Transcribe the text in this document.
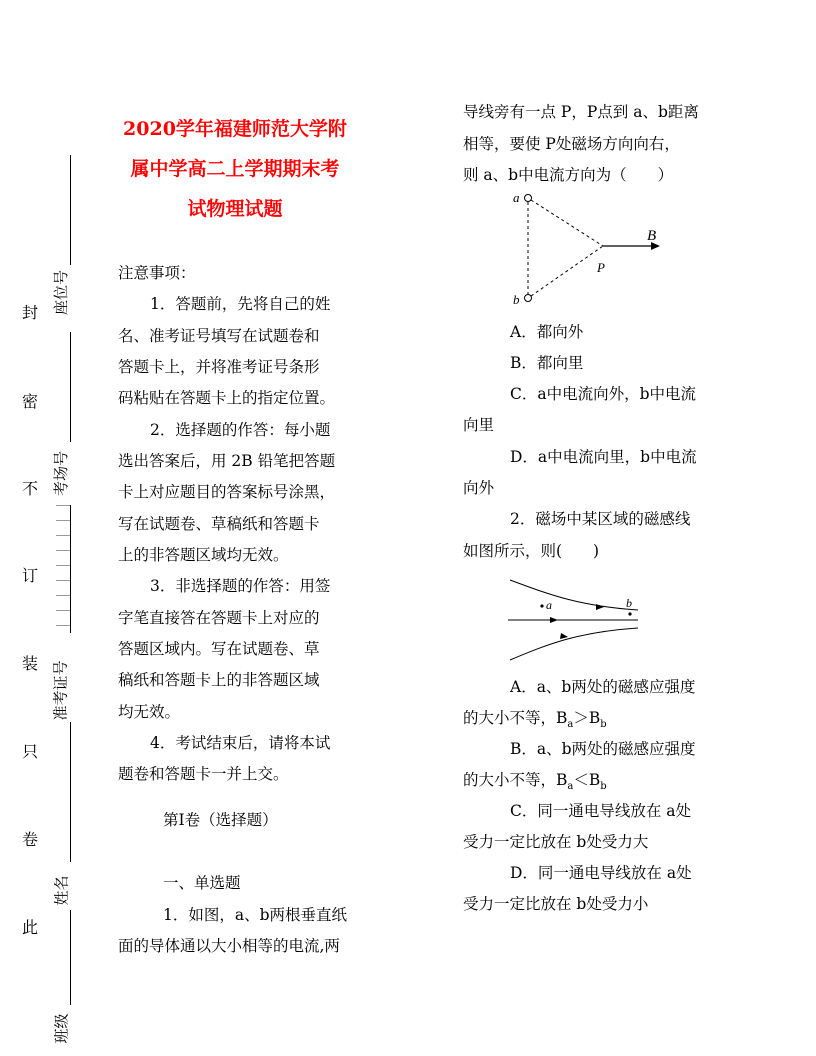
座位号
考场号
准考证号
姓名
班级
封
密
不
订
装
只
卷
此
2020学年福建师范大学附
属中学高二上学期期末考
试物理试题
注意事项：
1．答题前，先将自己的姓
名、准考证号填写在试题卷和
答题卡上，并将准考证号条形
码粘贴在答题卡上的指定位置。
2．选择题的作答：每小题
选出答案后，用 2B 铅笔把答题
卡上对应题目的答案标号涂黑，
写在试题卷、草稿纸和答题卡
上的非答题区域均无效。
3．非选择题的作答：用签
字笔直接答在答题卡上对应的
答题区域内。写在试题卷、草
稿纸和答题卡上的非答题区域
均无效。
4．考试结束后，请将本试
题卷和答题卡一并上交。
第Ⅰ卷（选择题）
一、单选题
1．如图，a、b两根垂直纸
面的导体通以大小相等的电流,两
导线旁有一点 P，P点到 a、b距离
相等，要使 P处磁场方向向右，
则 a、b中电流方向为（　　）
a
b
B
P
A．都向外
B．都向里
C．a中电流向外，b中电流
向里
D．a中电流向里，b中电流
向外
2．磁场中某区域的磁感线
如图所示，则(　　)
a	b
A．a、b两处的磁感应强度
的大小不等，$B_a>B_b$
B．a、b两处的磁感应强度
的大小不等，$B_a<B_b$
C．同一通电导线放在 a处
受力一定比放在 b处受力大
D．同一通电导线放在 a处
受力一定比放在 b处受力小
